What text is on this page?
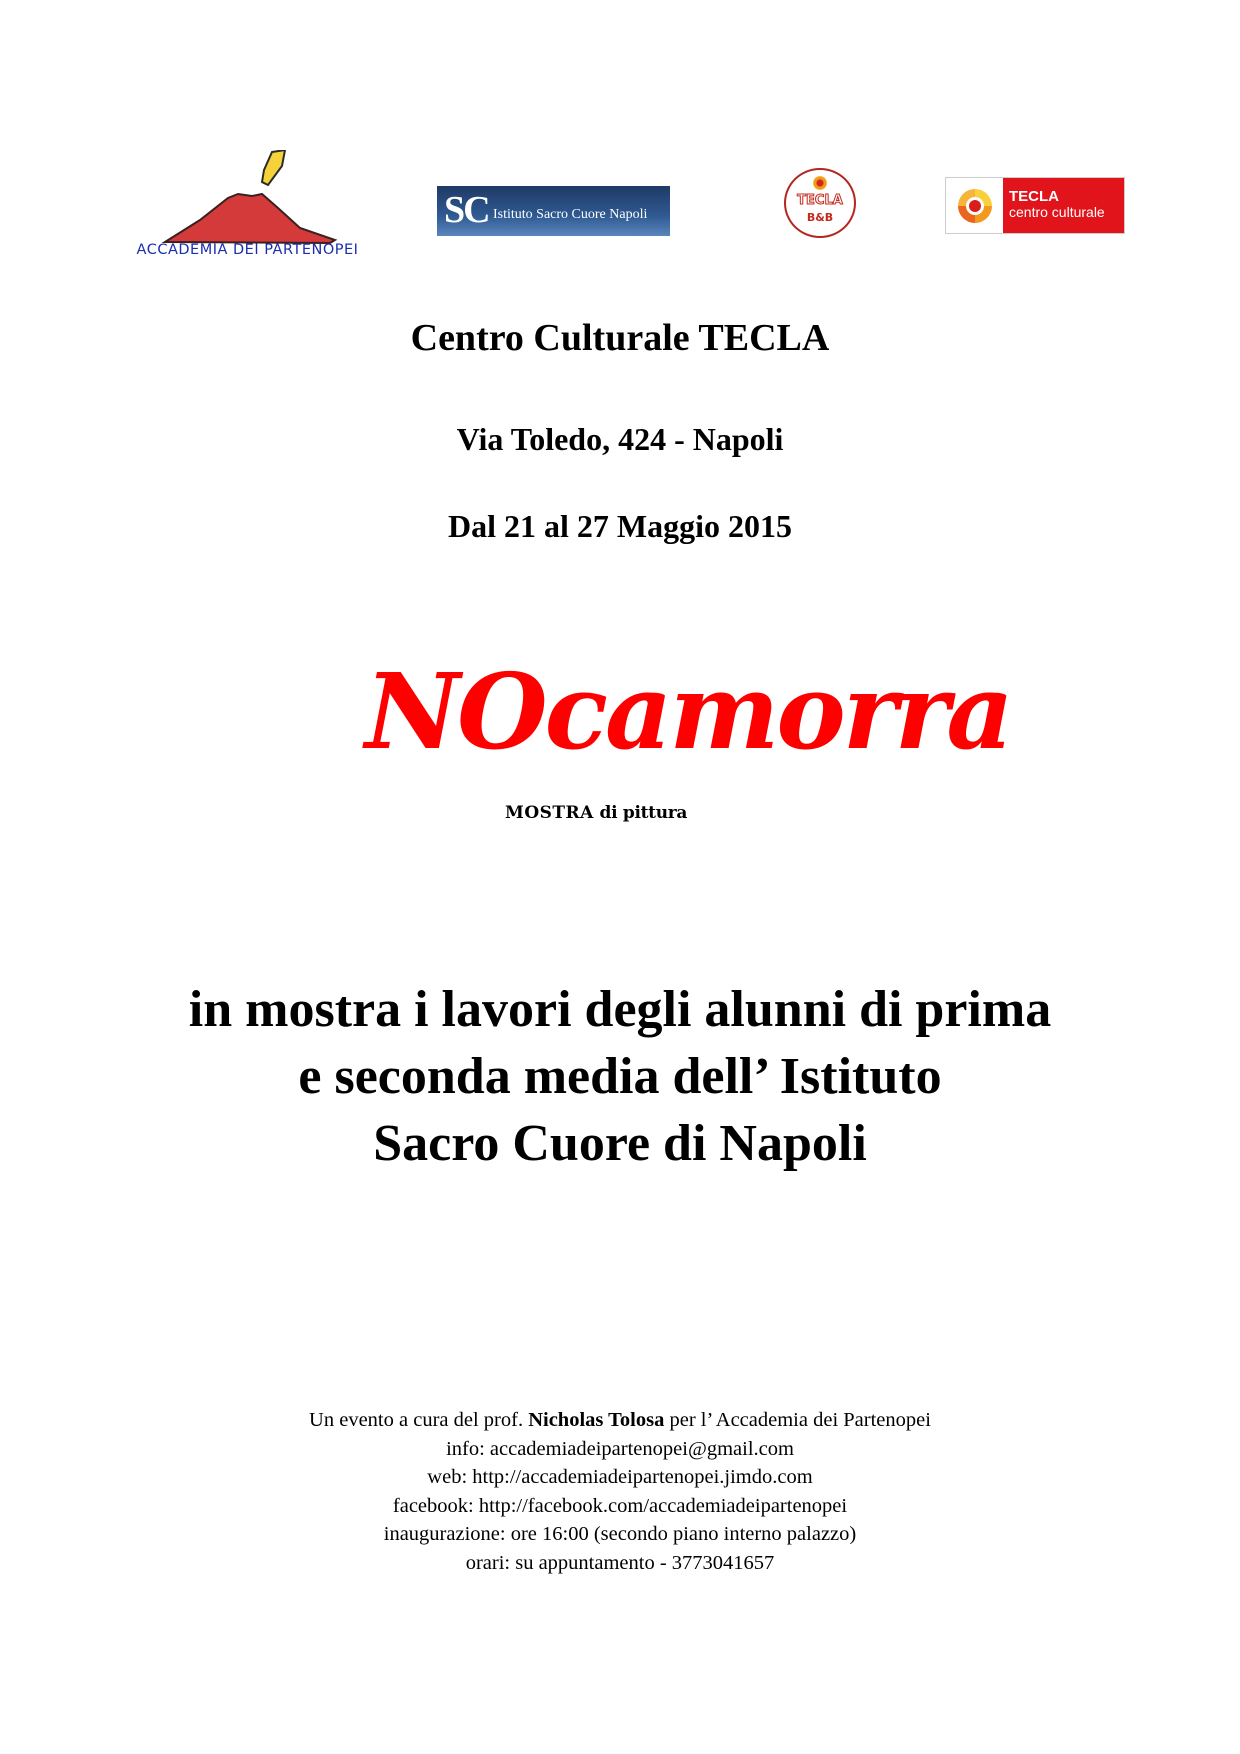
ACCADEMIA DEI PARTENOPEI
SC Istituto Sacro Cuore Napoli
TECLA
B&B
TECLA
centro culturale
Centro Culturale TECLA
Via Toledo, 424 - Napoli
Dal 21 al 27 Maggio 2015
NOcamorra
MOSTRA di pittura
in mostra i lavori degli alunni di prima
e seconda media dell’ Istituto
Sacro Cuore di Napoli
Un evento a cura del prof. Nicholas Tolosa per l’ Accademia dei Partenopei
info: accademiadeipartenopei@gmail.com
web: http://accademiadeipartenopei.jimdo.com
facebook: http://facebook.com/accademiadeipartenopei
inaugurazione: ore 16:00 (secondo piano interno palazzo)
orari: su appuntamento - 3773041657
